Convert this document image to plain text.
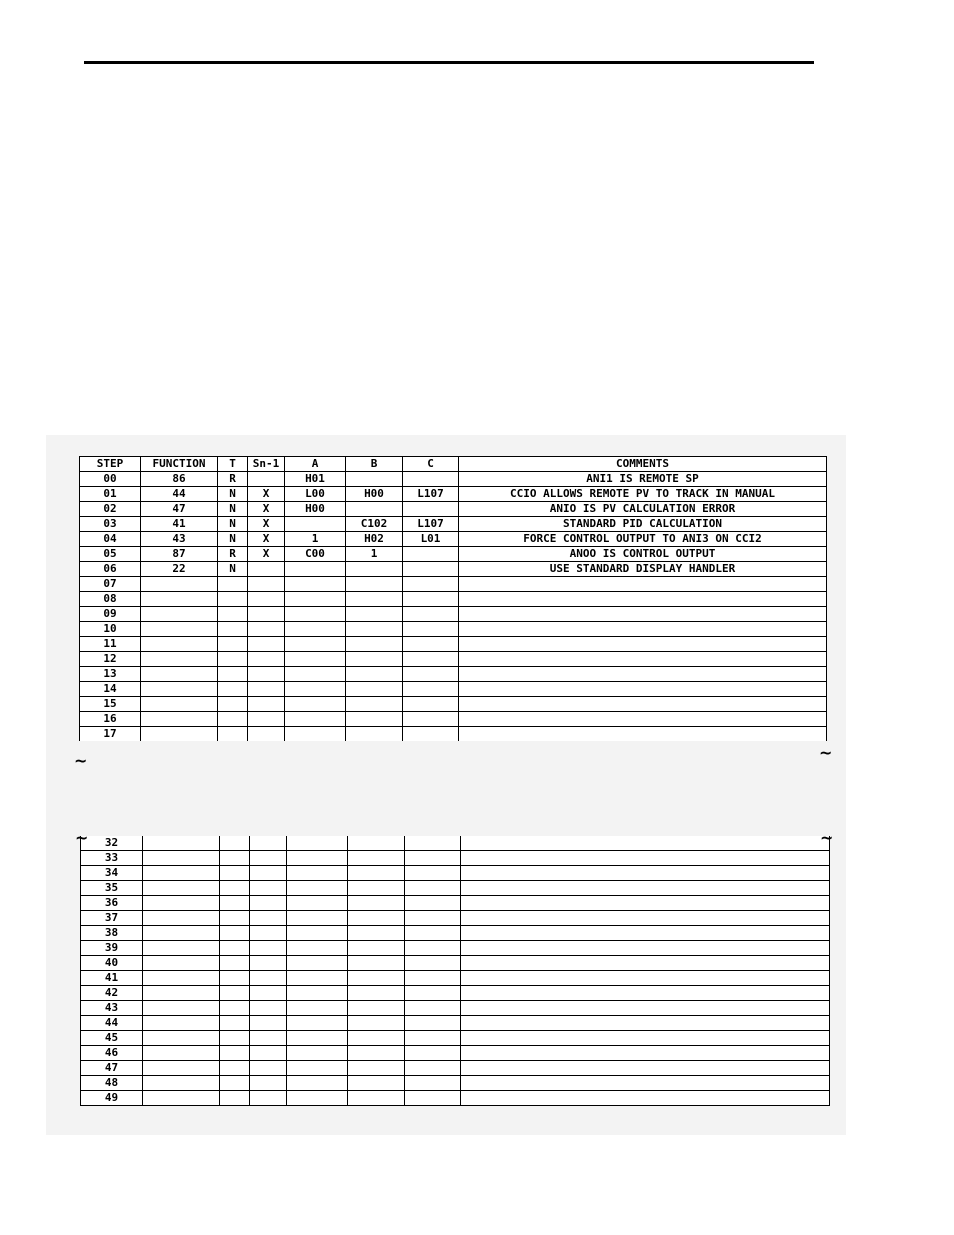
STEP	FUNCTION	T	Sn-1	A	B	C	COMMENTS
00	86	R		H01			ANI1 IS REMOTE SP
01	44	N	X	L00	H00	L107	CCIO ALLOWS REMOTE PV TO TRACK IN MANUAL
02	47	N	X	H00			ANIO IS PV CALCULATION ERROR
03	41	N	X		C102	L107	STANDARD PID CALCULATION
04	43	N	X	1	H02	L01	FORCE CONTROL OUTPUT TO ANI3 ON CCI2
05	87	R	X	C00	1		ANOO IS CONTROL OUTPUT
06	22	N					USE STANDARD DISPLAY HANDLER
07							
08							
09							
10							
11							
12							
13							
14							
15							
16							
17							
32							
33							
34							
35							
36							
37							
38							
39							
40							
41							
42							
43							
44							
45							
46							
47							
48							
49							
~	~
~	~
